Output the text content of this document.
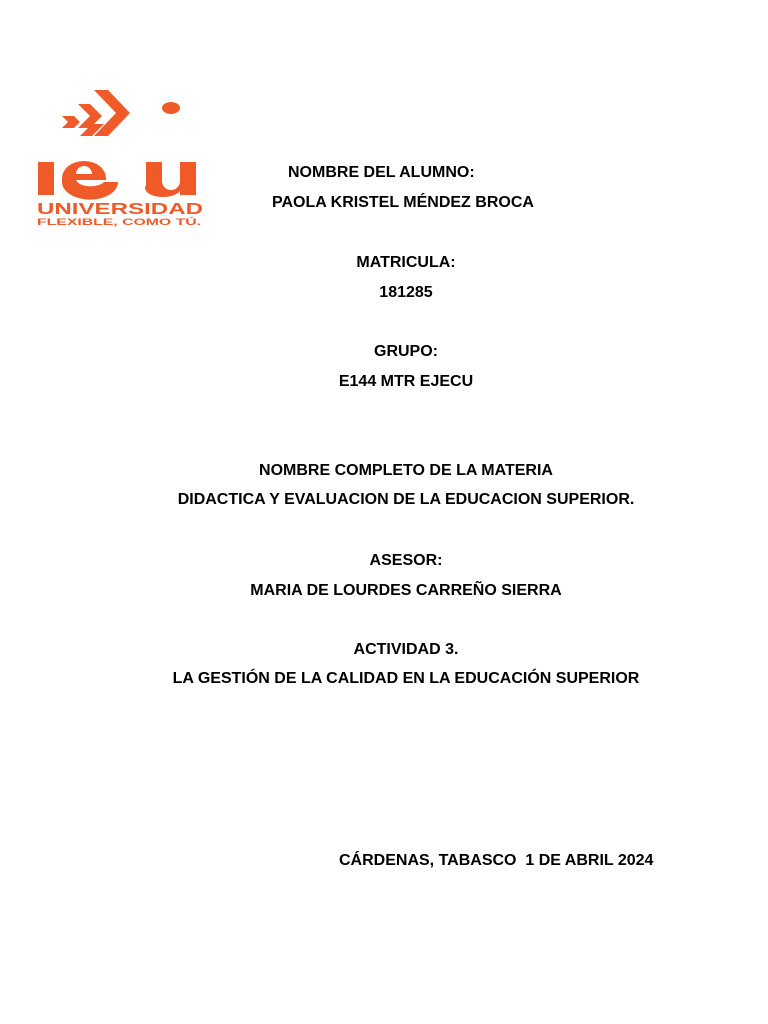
UNIVERSIDAD
FLEXIBLE, COMO TÚ.
NOMBRE DEL ALUMNO:
PAOLA KRISTEL MÉNDEZ BROCA
MATRICULA:
181285
GRUPO:
E144 MTR EJECU
NOMBRE COMPLETO DE LA MATERIA
DIDACTICA Y EVALUACION DE LA EDUCACION SUPERIOR.
ASESOR:
MARIA DE LOURDES CARREÑO SIERRA
ACTIVIDAD 3.
LA GESTIÓN DE LA CALIDAD EN LA EDUCACIÓN SUPERIOR
CÁRDENAS, TABASCO  1 DE ABRIL 2024
